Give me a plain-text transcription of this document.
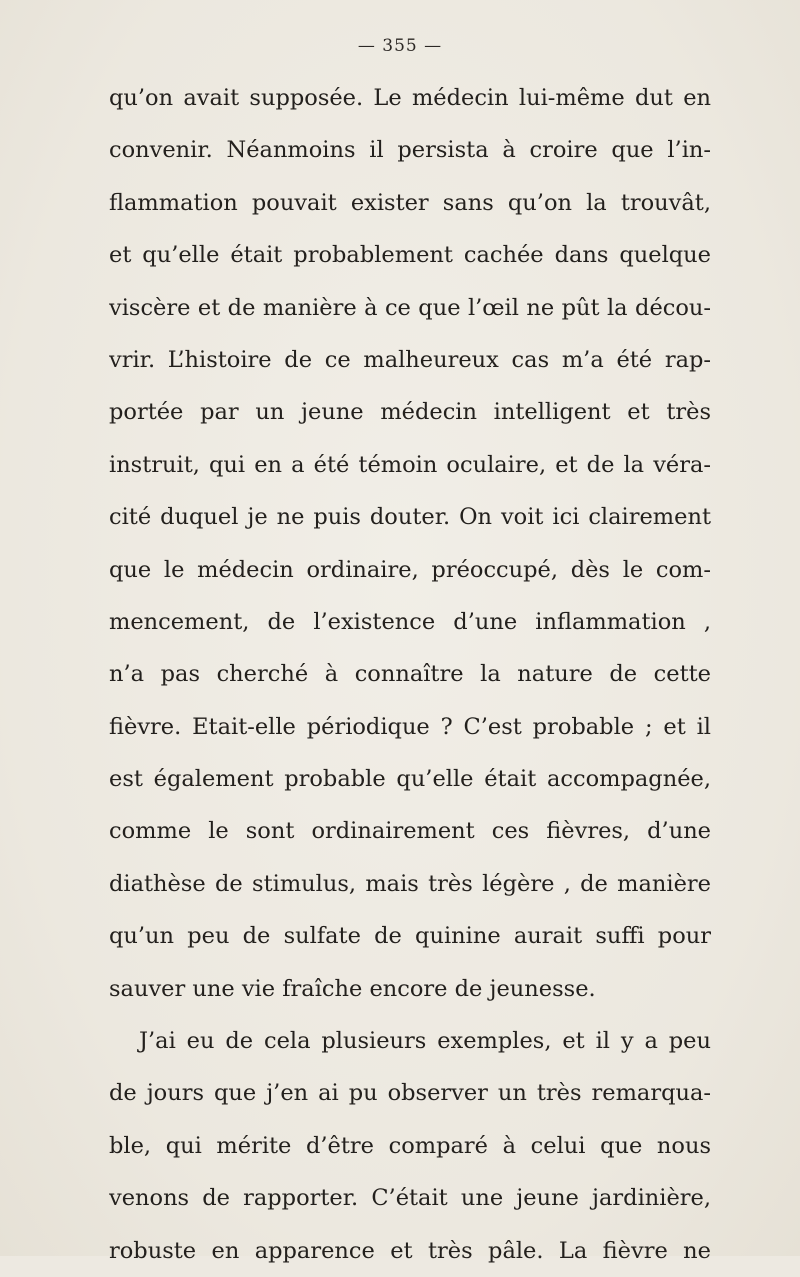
— 355 —
qu’on avait supposée. Le médecin lui-même dut en
convenir. Néanmoins il persista à croire que l’in-
flammation pouvait exister sans qu’on la trouvât,
et qu’elle était probablement cachée dans quelque
viscère et de manière à ce que l’œil ne pût la décou-
vrir. L’histoire de ce malheureux cas m’a été rap-
portée par un jeune médecin intelligent et très
instruit, qui en a été témoin oculaire, et de la véra-
cité duquel je ne puis douter. On voit ici clairement
que le médecin ordinaire, préoccupé, dès le com-
mencement, de l’existence d’une inflammation ,
n’a pas cherché à connaître la nature de cette
fièvre. Etait-elle périodique ? C’est probable ; et il
est également probable qu’elle était accompagnée,
comme le sont ordinairement ces fièvres, d’une
diathèse de stimulus, mais très légère , de manière
qu’un peu de sulfate de quinine aurait suffi pour
sauver une vie fraîche encore de jeunesse.
J’ai eu de cela plusieurs exemples, et il y a peu
de jours que j’en ai pu observer un très remarqua-
ble, qui mérite d’être comparé à celui que nous
venons de rapporter. C’était une jeune jardinière,
robuste en apparence et très pâle. La fièvre ne
